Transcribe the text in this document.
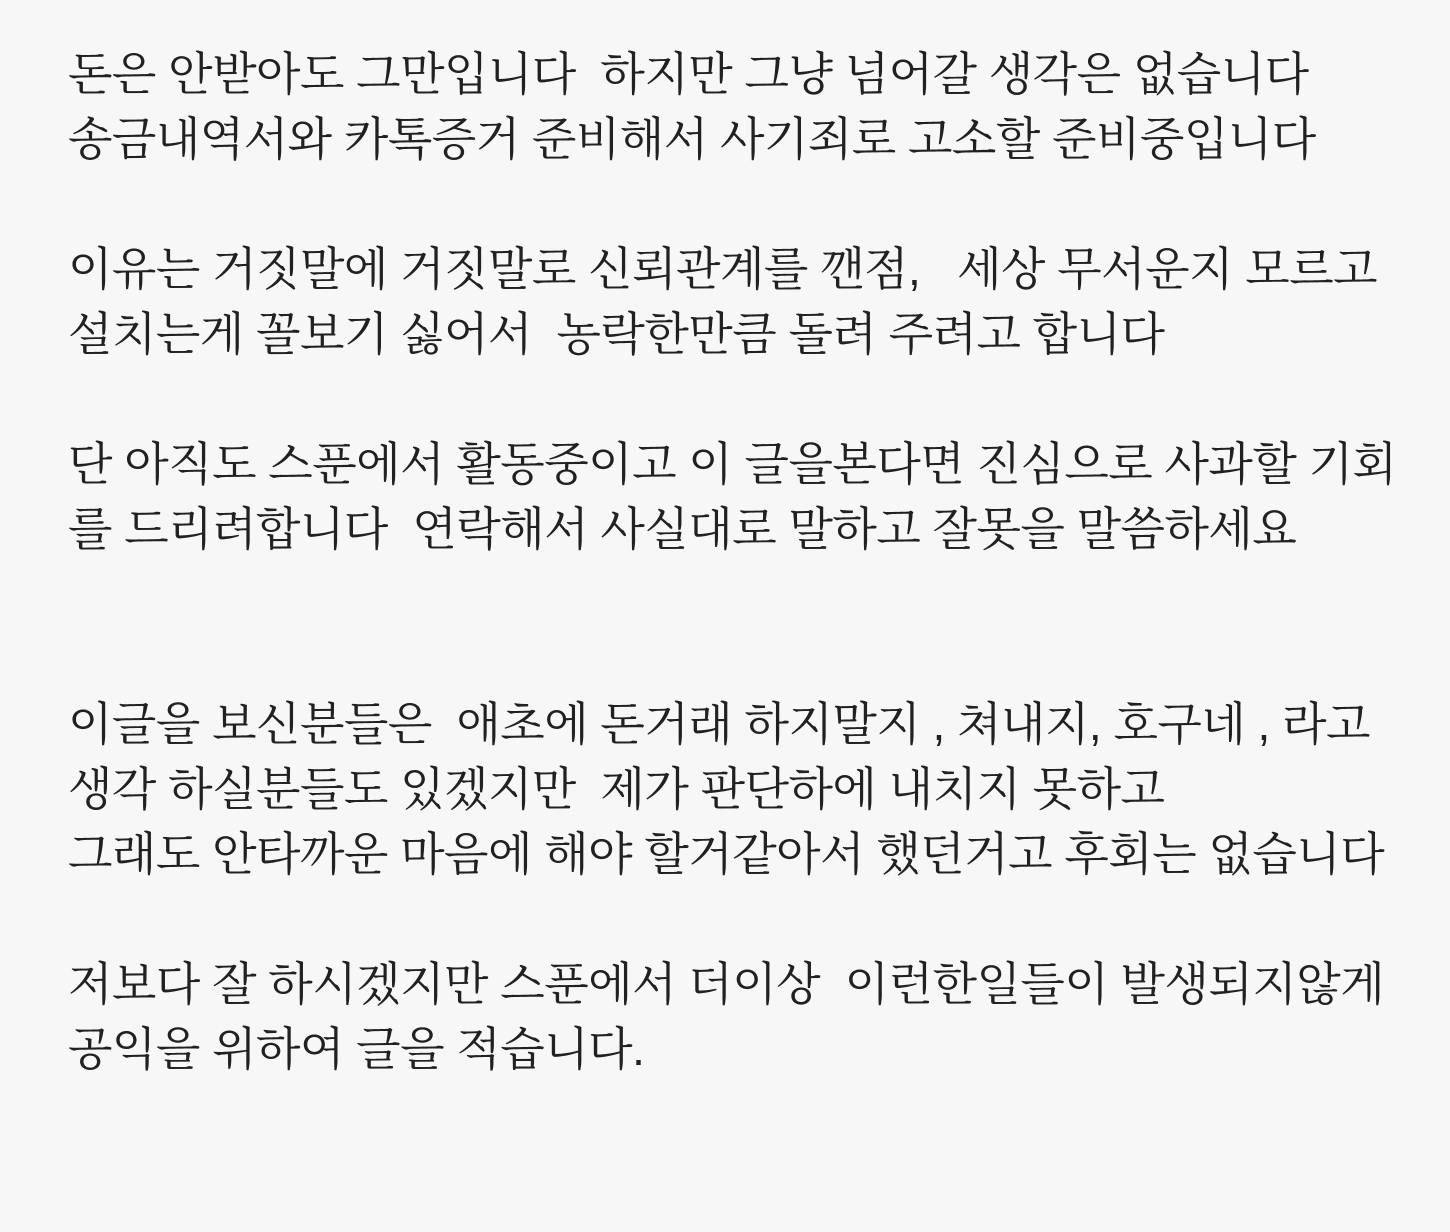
돈은 안받아도 그만입니다  하지만 그냥 넘어갈 생각은 없습니다
송금내역서와 카톡증거 준비해서 사기죄로 고소할 준비중입니다
이유는 거짓말에 거짓말로 신뢰관계를 깬점,   세상 무서운지 모르고
설치는게 꼴보기 싫어서  농락한만큼 돌려 주려고 합니다
단 아직도 스푼에서 활동중이고 이 글을본다면 진심으로 사과할 기회
를 드리려합니다  연락해서 사실대로 말하고 잘못을 말씀하세요
이글을 보신분들은  애초에 돈거래 하지말지 , 쳐내지, 호구네 , 라고
생각 하실분들도 있겠지만  제가 판단하에 내치지 못하고
그래도 안타까운 마음에 해야 할거같아서 했던거고 후회는 없습니다
저보다 잘 하시겠지만 스푼에서 더이상  이런한일들이 발생되지않게
공익을 위하여 글을 적습니다.
